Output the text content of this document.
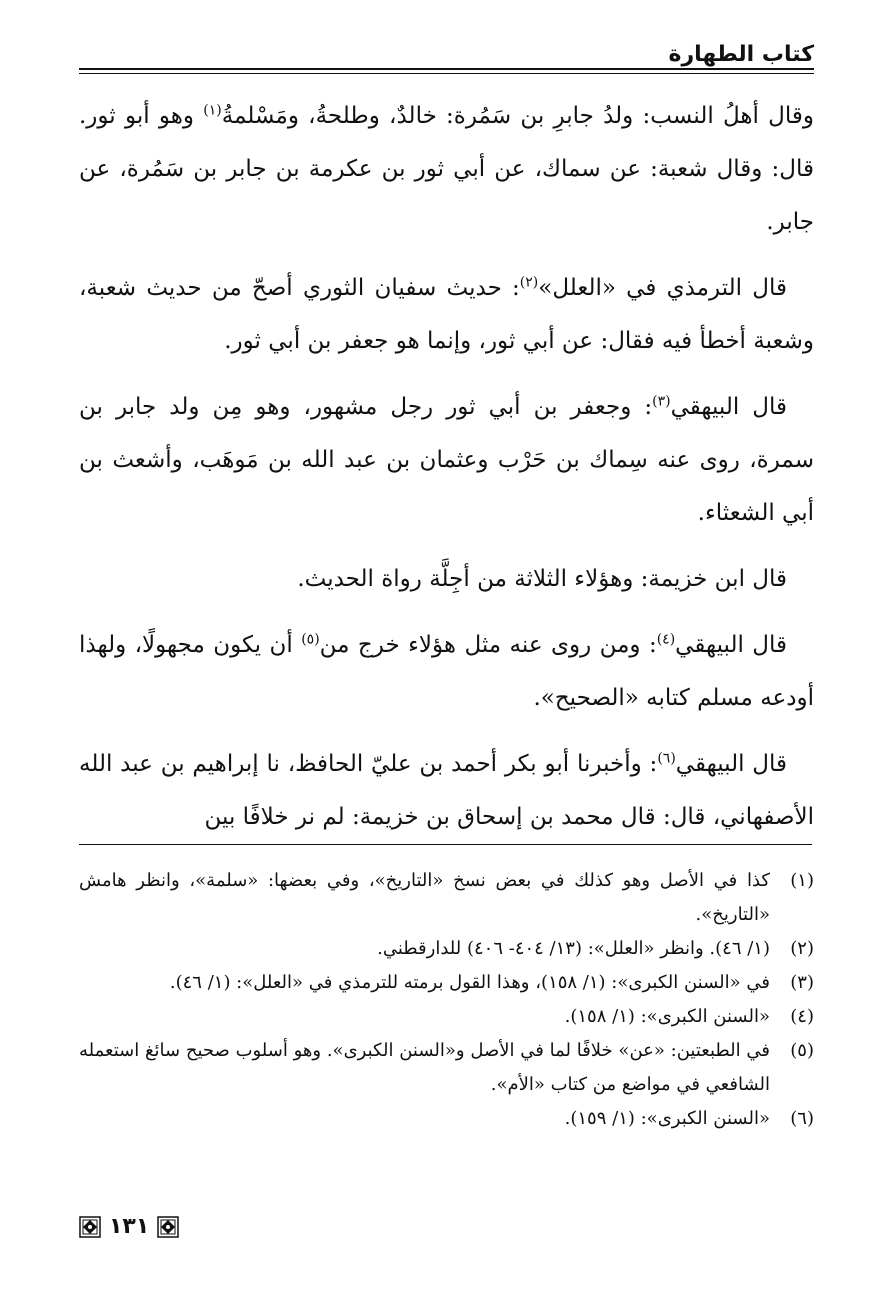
كتاب الطهارة

وقال أهلُ النسب: ولدُ جابرِ بن سَمُرة: خالدٌ، وطلحةُ، ومَسْلمةُ$^{(١)}$ وهو أبو ثور. قال: وقال شعبة: عن سماك، عن أبي ثور بن عكرمة بن جابر بن سَمُرة، عن جابر.

قال الترمذي في «العلل»$^{(٢)}$: حديث سفيان الثوري أصحّ من حديث شعبة، وشعبة أخطأ فيه فقال: عن أبي ثور، وإنما هو جعفر بن أبي ثور.

قال البيهقي$^{(٣)}$: وجعفر بن أبي ثور رجل مشهور، وهو مِن ولد جابر بن سمرة، روى عنه سِماك بن حَرْب وعثمان بن عبد الله بن مَوهَب، وأشعث بن أبي الشعثاء.

قال ابن خزيمة: وهؤلاء الثلاثة من أجِلَّة رواة الحديث.

قال البيهقي$^{(٤)}$: ومن روى عنه مثل هؤلاء خرج من$^{(٥)}$ أن يكون مجهولًا، ولهذا أودعه مسلم كتابه «الصحيح».

قال البيهقي$^{(٦)}$: وأخبرنا أبو بكر أحمد بن عليّ الحافظ، نا إبراهيم بن عبد الله الأصفهاني، قال: قال محمد بن إسحاق بن خزيمة: لم نر خلافًا بين

(١)
كذا في الأصل وهو كذلك في بعض نسخ «التاريخ»، وفي بعضها: «سلمة»، وانظر هامش «التاريخ».
(٢)
(١/ ٤٦). وانظر «العلل»: (١٣/ ٤٠٤- ٤٠٦) للدارقطني.
(٣)
في «السنن الكبرى»: (١/ ١٥٨)، وهذا القول برمته للترمذي في «العلل»: (١/ ٤٦).
(٤)
«السنن الكبرى»: (١/ ١٥٨).
(٥)
في الطبعتين: «عن» خلافًا لما في الأصل و«السنن الكبرى». وهو أسلوب صحيح سائغ استعمله الشافعي في مواضع من كتاب «الأم».
(٦)
«السنن الكبرى»: (١/ ١٥٩).
١٣١
